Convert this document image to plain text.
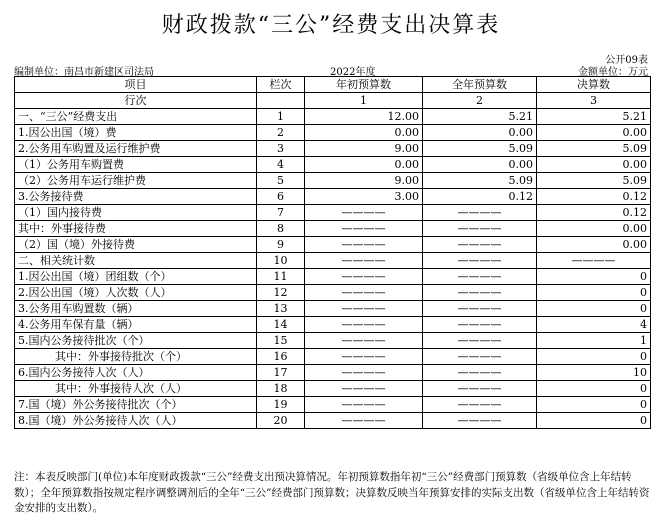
财政拨款“三公”经费支出决算表
公开09表
编制单位：南昌市新建区司法局	2022年度	金额单位：万元
项目	栏次	年初预算数	全年预算数	决算数
行次		1	2	3
一、“三公”经费支出	1	12.00	5.21	5.21
1.因公出国（境）费	2	0.00	0.00	0.00
2.公务用车购置及运行维护费	3	9.00	5.09	5.09
（1）公务用车购置费	4	0.00	0.00	0.00
（2）公务用车运行维护费	5	9.00	5.09	5.09
3.公务接待费	6	3.00	0.12	0.12
（1）国内接待费	7	————	————	0.12
其中：外事接待费	8	————	————	0.00
（2）国（境）外接待费	9	————	————	0.00
二、相关统计数	10	————	————	————
1.因公出国（境）团组数（个）	11	————	————	0
2.因公出国（境）人次数（人）	12	————	————	0
3.公务用车购置数（辆）	13	————	————	0
4.公务用车保有量（辆）	14	————	————	4
5.国内公务接待批次（个）	15	————	————	1
其中：外事接待批次（个）	16	————	————	0
6.国内公务接待人次（人）	17	————	————	10
其中：外事接待人次（人）	18	————	————	0
7.国（境）外公务接待批次（个）	19	————	————	0
8.国（境）外公务接待人次（人）	20	————	————	0
注：本表反映部门(单位)本年度财政拨款“三公”经费支出预决算情况。年初预算数指年初“三公”经费部门预算数（省级单位含上年结转数）；全年预算数指按规定程序调整调剂后的全年“三公”经费部门预算数；决算数反映当年预算安排的实际支出数（省级单位含上年结转资金安排的支出数）。
